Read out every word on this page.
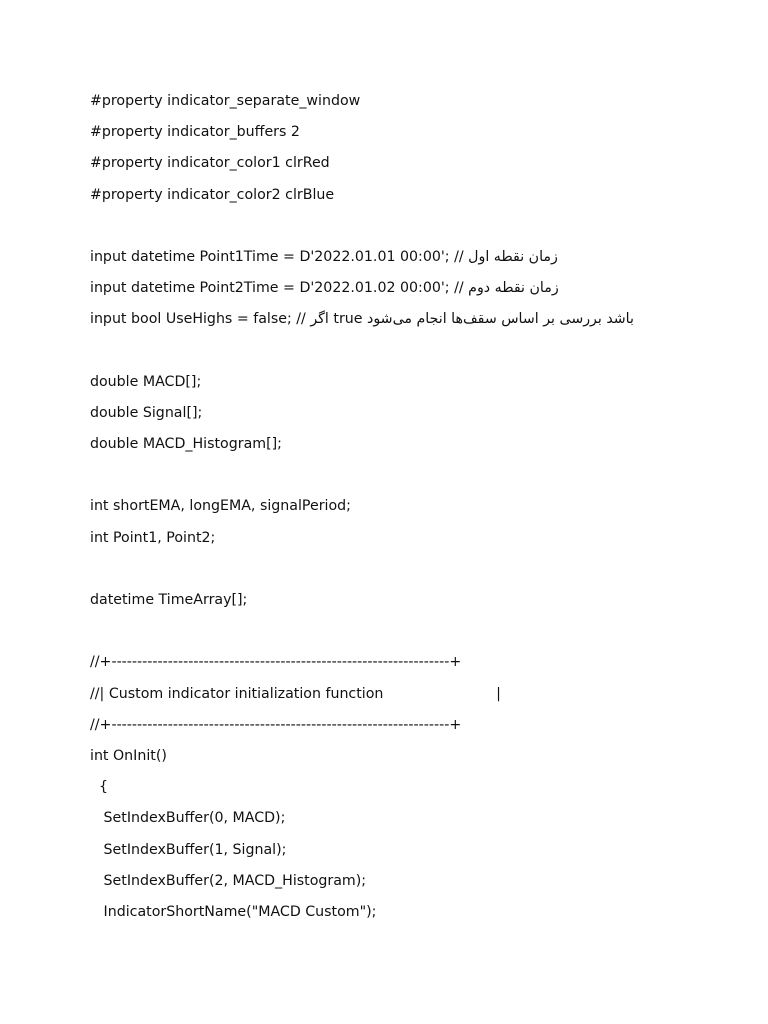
#property indicator_separate_window
#property indicator_buffers 2
#property indicator_color1 clrRed
#property indicator_color2 clrBlue
input datetime Point1Time = D'2022.01.01 00:00'; // زمان نقطه اول
input datetime Point2Time = D'2022.01.02 00:00'; // زمان نقطه دوم
input bool UseHighs = false; // اگر true باشد بررسی بر اساس سقف‌ها انجام می‌شود
double MACD[];
double Signal[];
double MACD_Histogram[];
int shortEMA, longEMA, signalPeriod;
int Point1, Point2;
datetime TimeArray[];
//+------------------------------------------------------------------+
//| Custom indicator initialization function                         |
//+------------------------------------------------------------------+
int OnInit()
{
SetIndexBuffer(0, MACD);
SetIndexBuffer(1, Signal);
SetIndexBuffer(2, MACD_Histogram);
IndicatorShortName("MACD Custom");
